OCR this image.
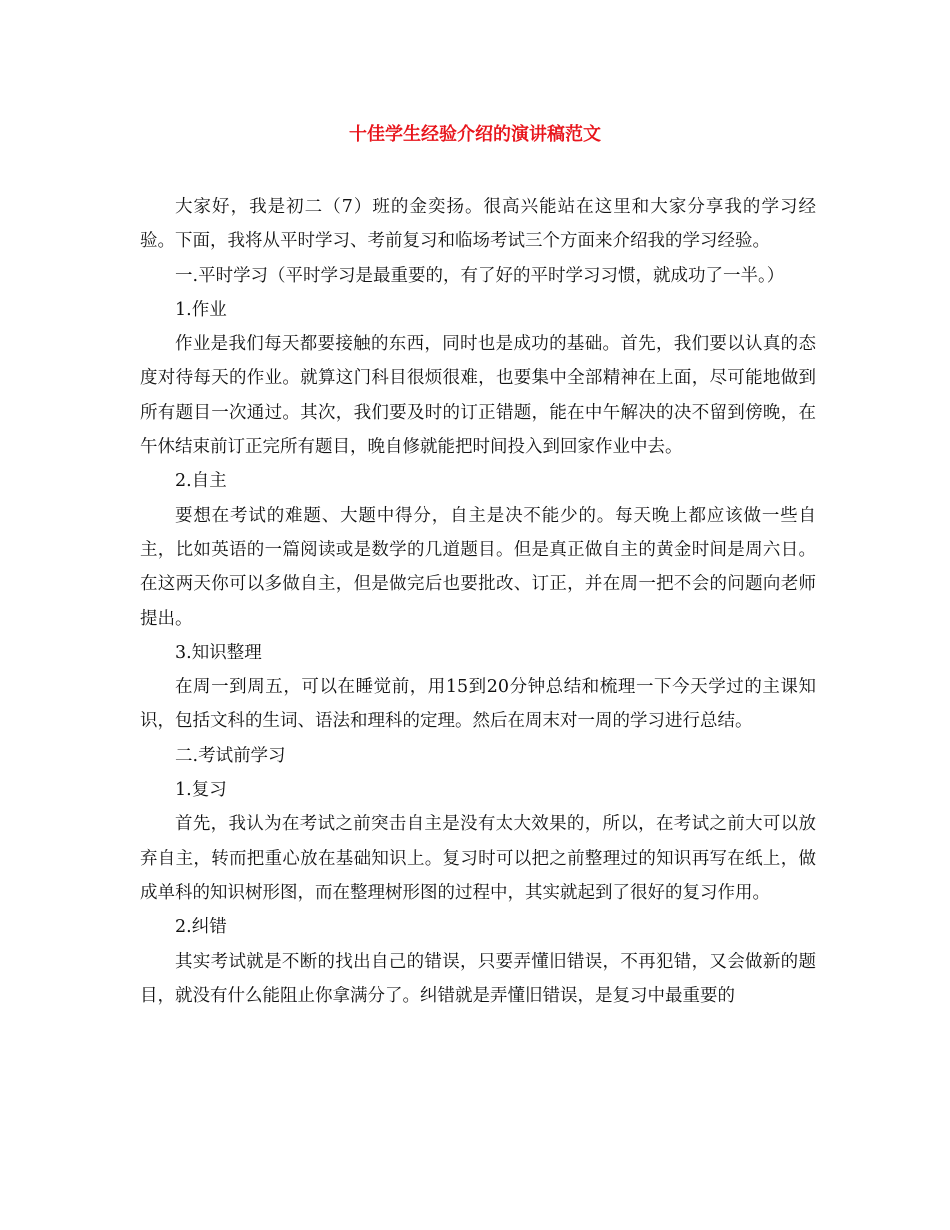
十佳学生经验介绍的演讲稿范文

大家好，我是初二（7）班的金奕扬。很高兴能站在这里和大家分享我的学习经验。下面，我将从平时学习、考前复习和临场考试三个方面来介绍我的学习经验。

一.平时学习（平时学习是最重要的，有了好的平时学习习惯，就成功了一半。）

1.作业

作业是我们每天都要接触的东西，同时也是成功的基础。首先，我们要以认真的态度对待每天的作业。就算这门科目很烦很难，也要集中全部精神在上面，尽可能地做到所有题目一次通过。其次，我们要及时的订正错题，能在中午解决的决不留到傍晚，在午休结束前订正完所有题目，晚自修就能把时间投入到回家作业中去。

2.自主

要想在考试的难题、大题中得分，自主是决不能少的。每天晚上都应该做一些自主，比如英语的一篇阅读或是数学的几道题目。但是真正做自主的黄金时间是周六日。在这两天你可以多做自主，但是做完后也要批改、订正，并在周一把不会的问题向老师提出。

3.知识整理

在周一到周五，可以在睡觉前，用15到20分钟总结和梳理一下今天学过的主课知识，包括文科的生词、语法和理科的定理。然后在周末对一周的学习进行总结。

二.考试前学习

1.复习

首先，我认为在考试之前突击自主是没有太大效果的，所以，在考试之前大可以放弃自主，转而把重心放在基础知识上。复习时可以把之前整理过的知识再写在纸上，做成单科的知识树形图，而在整理树形图的过程中，其实就起到了很好的复习作用。

2.纠错

其实考试就是不断的找出自己的错误，只要弄懂旧错误，不再犯错，又会做新的题目，就没有什么能阻止你拿满分了。纠错就是弄懂旧错误，是复习中最重要的
